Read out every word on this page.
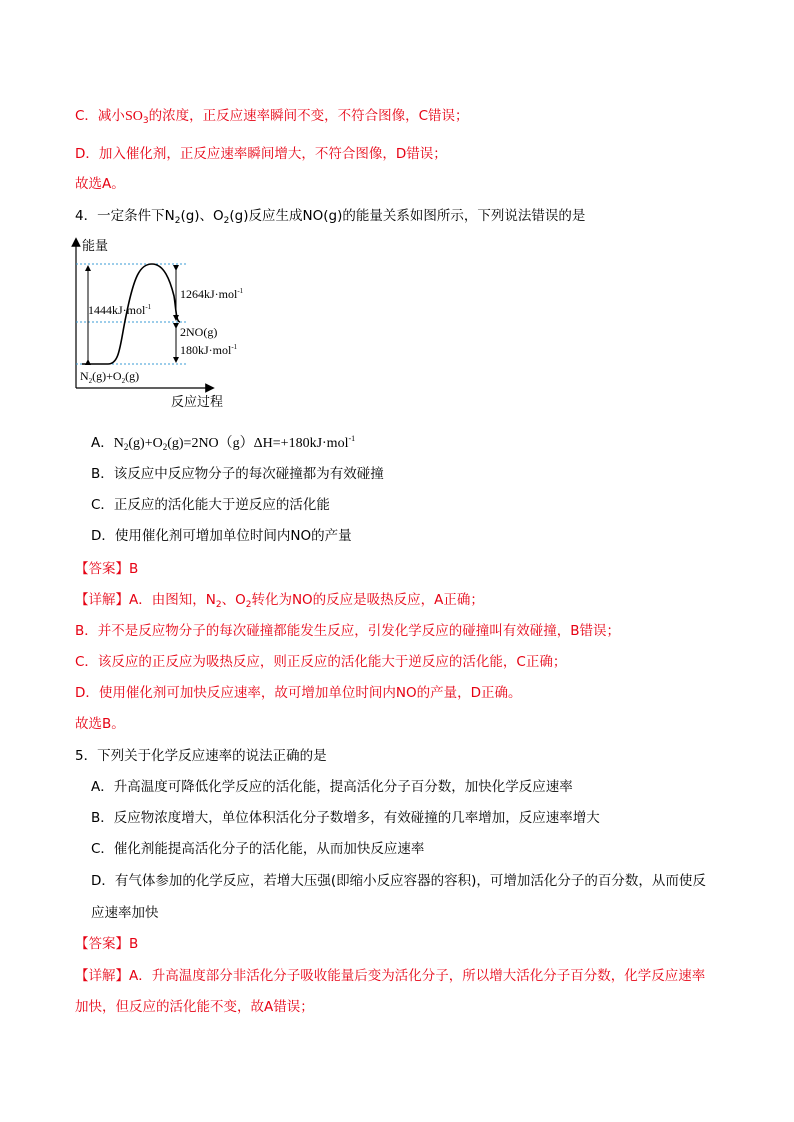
C．减小$SO_3$的浓度，正反应速率瞬间不变，不符合图像，C错误；
D．加入催化剂，正反应速率瞬间增大，不符合图像，D错误；
故选A。
4．一定条件下$N_2(g)$、$O_2(g)$反应生成NO(g)的能量关系如图所示，下列说法错误的是
能量
1444kJ·mol$^{-1}$
1264kJ·mol$^{-1}$
2NO(g)
180kJ·mol$^{-1}$
$N_2(g)+O_2(g)$
反应过程
A．$N_2(g)+O_2(g)=2NO(g)\Delta H=+180kJ\cdot mol^{-1}$
B．该反应中反应物分子的每次碰撞都为有效碰撞
C．正反应的活化能大于逆反应的活化能
D．使用催化剂可增加单位时间内NO的产量
【答案】B
【详解】A．由图知，$N_2$、$O_2$转化为NO的反应是吸热反应，A正确；
B．并不是反应物分子的每次碰撞都能发生反应，引发化学反应的碰撞叫有效碰撞，B错误；
C．该反应的正反应为吸热反应，则正反应的活化能大于逆反应的活化能，C正确；
D．使用催化剂可加快反应速率，故可增加单位时间内NO的产量，D正确。
故选B。
5．下列关于化学反应速率的说法正确的是
A．升高温度可降低化学反应的活化能，提高活化分子百分数，加快化学反应速率
B．反应物浓度增大，单位体积活化分子数增多，有效碰撞的几率增加，反应速率增大
C．催化剂能提高活化分子的活化能，从而加快反应速率
D．有气体参加的化学反应，若增大压强(即缩小反应容器的容积)，可增加活化分子的百分数，从而使反
应速率加快
【答案】B
【详解】A．升高温度部分非活化分子吸收能量后变为活化分子，所以增大活化分子百分数，化学反应速率
加快，但反应的活化能不变，故A错误；
